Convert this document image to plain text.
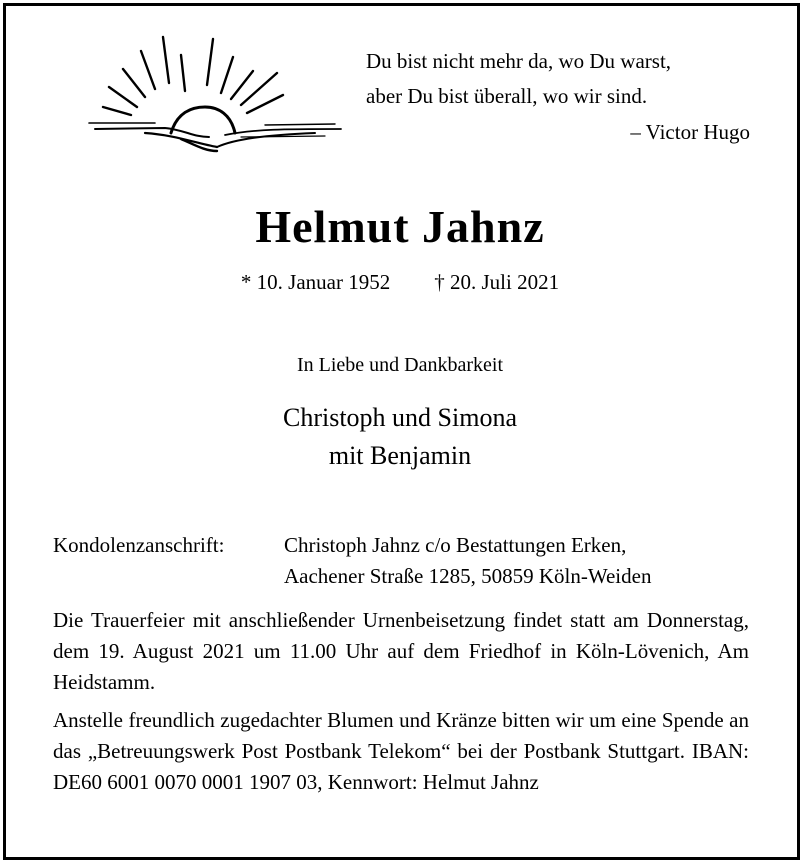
Du bist nicht mehr da, wo Du warst,
aber Du bist überall, wo wir sind.
– Victor Hugo
Helmut Jahnz
* 10. Januar 1952 † 20. Juli 2021
In Liebe und Dankbarkeit
Christoph und Simona
mit Benjamin
Kondolenzanschrift:	Christoph Jahnz c/o Bestattungen Erken,
Aachener Straße 1285, 50859 Köln-Weiden
Die Trauerfeier mit anschließender Urnenbeisetzung findet statt am Donnerstag, dem 19. August 2021 um 11.00 Uhr auf dem Friedhof in Köln-Lövenich, Am Heidstamm.
Anstelle freundlich zugedachter Blumen und Kränze bitten wir um eine Spende an das „Betreuungswerk Post Postbank Telekom“ bei der Postbank Stuttgart. IBAN: DE60 6001 0070 0001 1907 03, Kennwort: Helmut Jahnz
